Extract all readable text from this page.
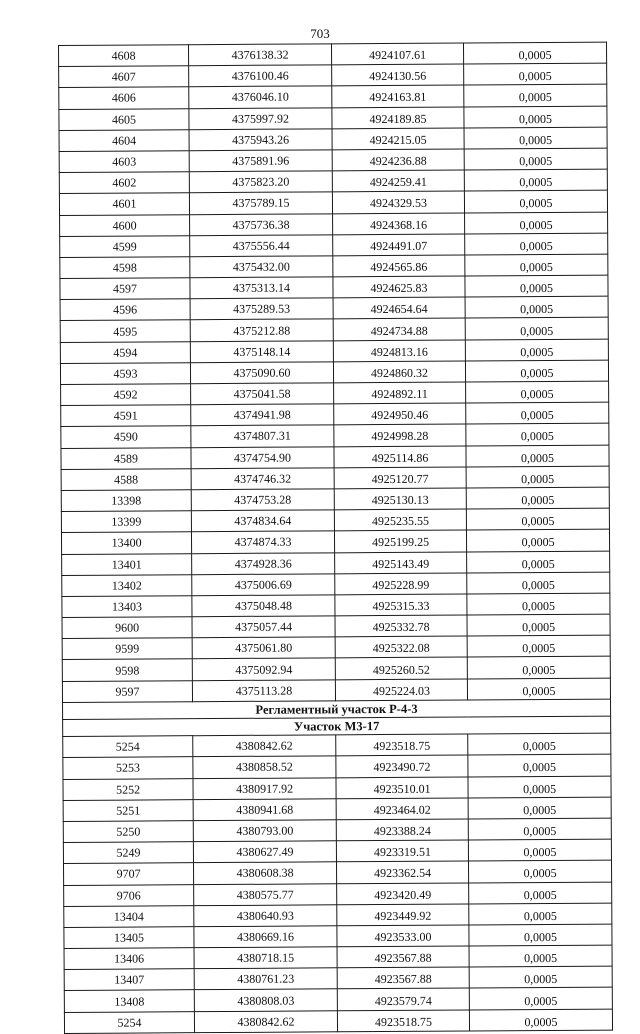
703
4608	4376138.32	4924107.61	0,0005
4607	4376100.46	4924130.56	0,0005
4606	4376046.10	4924163.81	0,0005
4605	4375997.92	4924189.85	0,0005
4604	4375943.26	4924215.05	0,0005
4603	4375891.96	4924236.88	0,0005
4602	4375823.20	4924259.41	0,0005
4601	4375789.15	4924329.53	0,0005
4600	4375736.38	4924368.16	0,0005
4599	4375556.44	4924491.07	0,0005
4598	4375432.00	4924565.86	0,0005
4597	4375313.14	4924625.83	0,0005
4596	4375289.53	4924654.64	0,0005
4595	4375212.88	4924734.88	0,0005
4594	4375148.14	4924813.16	0,0005
4593	4375090.60	4924860.32	0,0005
4592	4375041.58	4924892.11	0,0005
4591	4374941.98	4924950.46	0,0005
4590	4374807.31	4924998.28	0,0005
4589	4374754.90	4925114.86	0,0005
4588	4374746.32	4925120.77	0,0005
13398	4374753.28	4925130.13	0,0005
13399	4374834.64	4925235.55	0,0005
13400	4374874.33	4925199.25	0,0005
13401	4374928.36	4925143.49	0,0005
13402	4375006.69	4925228.99	0,0005
13403	4375048.48	4925315.33	0,0005
9600	4375057.44	4925332.78	0,0005
9599	4375061.80	4925322.08	0,0005
9598	4375092.94	4925260.52	0,0005
9597	4375113.28	4925224.03	0,0005
Регламентный участок Р-4-3			
Участок М3-17			
5254	4380842.62	4923518.75	0,0005
5253	4380858.52	4923490.72	0,0005
5252	4380917.92	4923510.01	0,0005
5251	4380941.68	4923464.02	0,0005
5250	4380793.00	4923388.24	0,0005
5249	4380627.49	4923319.51	0,0005
9707	4380608.38	4923362.54	0,0005
9706	4380575.77	4923420.49	0,0005
13404	4380640.93	4923449.92	0,0005
13405	4380669.16	4923533.00	0,0005
13406	4380718.15	4923567.88	0,0005
13407	4380761.23	4923567.88	0,0005
13408	4380808.03	4923579.74	0,0005
5254	4380842.62	4923518.75	0,0005
